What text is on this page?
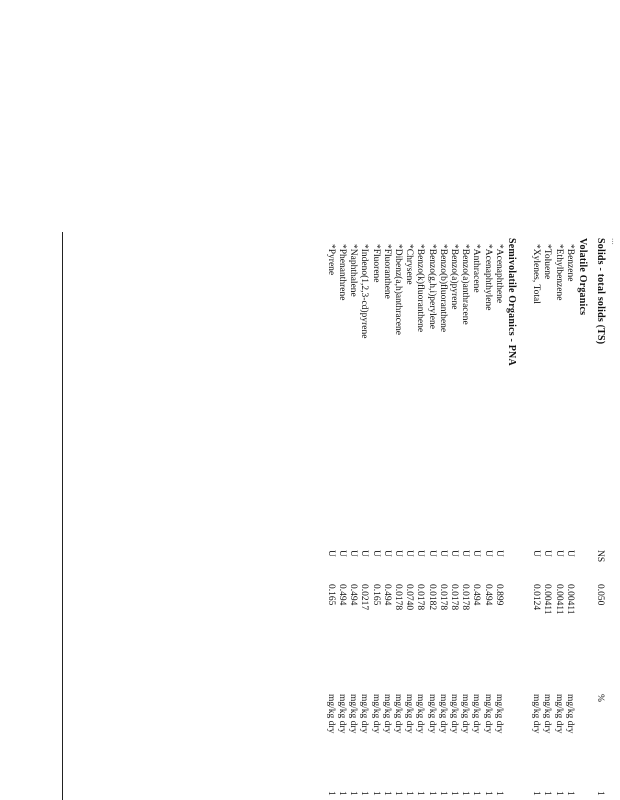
...
Solids - total solids (TS)
NS
0.050
%
1
Volatile Organics
*Benzene
U
0.00411
mg/kg dry
1
*Ethylbenzene
U
0.00411
mg/kg dry
1
*Toluene
U
0.00411
mg/kg dry
1
*Xylenes, Total
U
0.0124
mg/kg dry
1
Semivolatile Organics - PNA
*Acenaphthene
U
0.899
mg/kg dry
1
*Acenaphthylene
U
0.494
mg/kg dry
1
*Anthracene
U
0.494
mg/kg dry
1
*Benzo(a)anthracene
U
0.0178
mg/kg dry
1
*Benzo(a)pyrene
U
0.0178
mg/kg dry
1
*Benzo(b)fluoranthene
U
0.0178
mg/kg dry
1
*Benzo(g,h,i)perylene
U
0.0182
mg/kg dry
1
*Benzo(k)fluoranthene
U
0.0178
mg/kg dry
1
*Chrysene
U
0.0740
mg/kg dry
1
*Dibenz(a,h)anthracene
U
0.0178
mg/kg dry
1
*Fluoranthene
U
0.494
mg/kg dry
1
*Fluorene
U
0.165
mg/kg dry
1
*Indeno(1,2,3-cd)pyrene
U
0.0217
mg/kg dry
1
*Naphthalene
U
0.494
mg/kg dry
1
*Phenanthrene
U
0.494
mg/kg dry
1
*Pyrene
U
0.165
mg/kg dry
1
